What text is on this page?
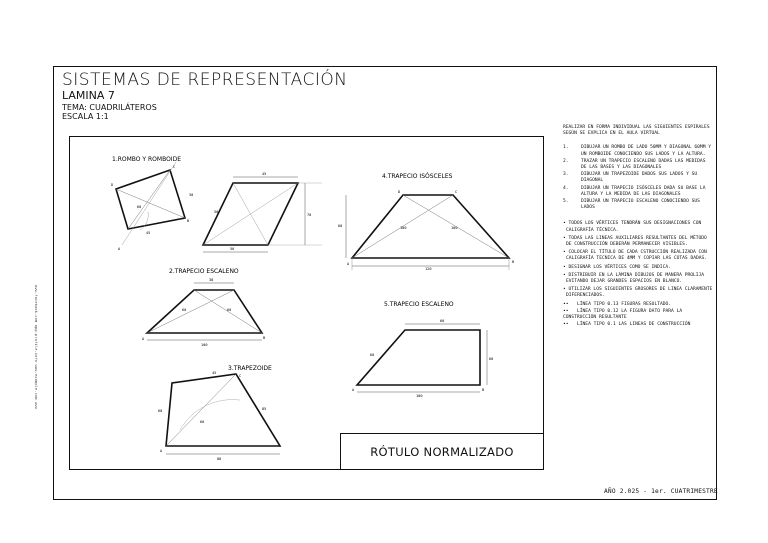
SISTEMAS DE REPRESENTACIÓN
LAMINA 7
TEMA: CUADRILÁTEROS
ESCALA 1:1
www.facebook.com app.profile.info www.example.com www
1.ROMBO Y ROMBOIDE
D
C
B
A
30
45
60
45
50
70
50
2.TRAPECIO ESCALENO
38
100
60	60
A	B
3.TRAPEZOIDE
45
60
60
85
80
A
C
4.TRAPECIO ISÓSCELES
60	100	100
120
A	B
C
D
5.TRAPECIO ESCALENO
60
60
60
100
A	B
RÓTULO NORMALIZADO
REALIZAR EN FORMA INDIVIDUAL LAS SIGUIENTES ESPIRALES SEGÚN SE EXPLICA EN EL AULA VIRTUAL
1.	DIBUJAR UN ROMBO DE LADO 50MM Y DIAGONAL 60MM Y UN ROMBOIDE CONOCIENDO SUS LADOS Y LA ALTURA.
2.	TRAZAR UN TRAPECIO ESCALENO DADAS LAS MEDIDAS DE LAS BASES Y LAS DIAGONALES
3.	DIBUJAR UN TRAPEZOIDE DADOS SUS LADOS Y SU DIAGONAL
4.	DIBUJAR UN TRAPECIO ISÓSCELES DADA SU BASE LA ALTURA Y LA MEDIDA DE LAS DIAGONALES
5.	DIBUJAR UN TRAPECIO ESCALENO CONOCIENDO SUS LADOS
• TODOS LOS VÉRTICES TENDRÁN SUS DESIGNACIONES CON CALIGRAFÍA TÉCNICA.
• TODAS LAS LINEAS AUXILIARES RESULTANTES DEL MÉTODO DE CONSTRUCCIÓN DEBERÁN PERMANECER VISIBLES.
• COLOCAR EL TÍTULO DE CADA CSTRUCCIÓN REALIZADA CON CALIGRAFÍA TECNICA DE 4MM Y COPIAR LAS COTAS DADAS.
• DESIGNAR LOS VÉRTICES COMO SE INDICA.
• DISTRIBUIR EN LA LÁMINA DIBUJOS DE MANERA PROLIJA EVITANDO DEJAR GRANDES ESPACIOS EN BLANCO.
• UTILIZAR LOS SIGUIENTES GROSORES DE LINEA CLARAMENTE DIFERENCIADOS.
•• LÍNEA TIPO 0.13 FIGURAS RESULTADO.
•• LÍNEA TIPO 0.12 LA FIGURA DATO PARA LA CONSTRUCCIÓN RESULTANTE
•• LÍNEA TIPO 0.1 LAS LINEAS DE CONSTRUCCIÓN
AÑO 2.025 - 1er. CUATRIMESTRE
